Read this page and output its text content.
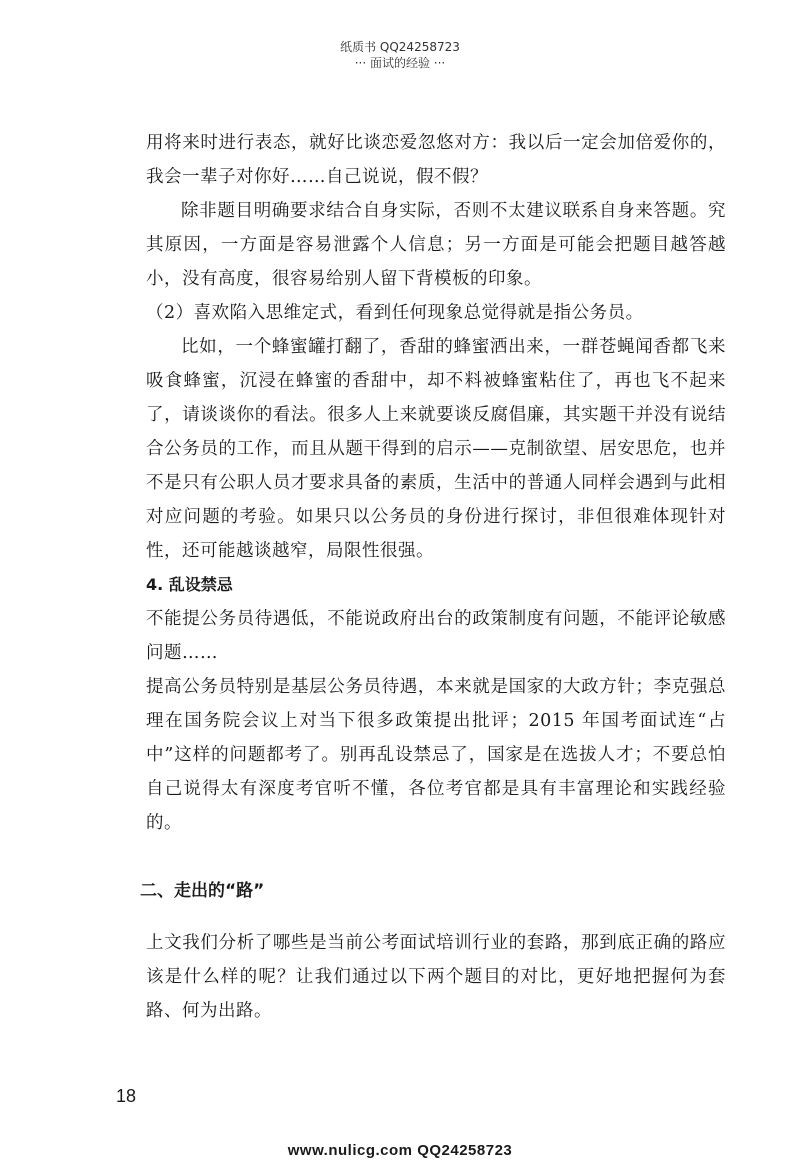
纸质书 QQ24258723
··· 面试的经验 ···

用将来时进行表态，就好比谈恋爱忽悠对方：我以后一定会加倍爱你的，我会一辈子对你好……自己说说，假不假？

除非题目明确要求结合自身实际，否则不太建议联系自身来答题。究其原因，一方面是容易泄露个人信息；另一方面是可能会把题目越答越小，没有高度，很容易给别人留下背模板的印象。

（2）喜欢陷入思维定式，看到任何现象总觉得就是指公务员。

比如，一个蜂蜜罐打翻了，香甜的蜂蜜洒出来，一群苍蝇闻香都飞来吸食蜂蜜，沉浸在蜂蜜的香甜中，却不料被蜂蜜粘住了，再也飞不起来了，请谈谈你的看法。很多人上来就要谈反腐倡廉，其实题干并没有说结合公务员的工作，而且从题干得到的启示——克制欲望、居安思危，也并不是只有公职人员才要求具备的素质，生活中的普通人同样会遇到与此相对应问题的考验。如果只以公务员的身份进行探讨，非但很难体现针对性，还可能越谈越窄，局限性很强。

4. 乱设禁忌

不能提公务员待遇低，不能说政府出台的政策制度有问题，不能评论敏感问题……

提高公务员特别是基层公务员待遇，本来就是国家的大政方针；李克强总理在国务院会议上对当下很多政策提出批评；2015 年国考面试连“占中”这样的问题都考了。别再乱设禁忌了，国家是在选拔人才；不要总怕自己说得太有深度考官听不懂，各位考官都是具有丰富理论和实践经验的。

二、走出的“路”

上文我们分析了哪些是当前公考面试培训行业的套路，那到底正确的路应该是什么样的呢？让我们通过以下两个题目的对比，更好地把握何为套路、何为出路。

18
www.nulicg.com QQ24258723
